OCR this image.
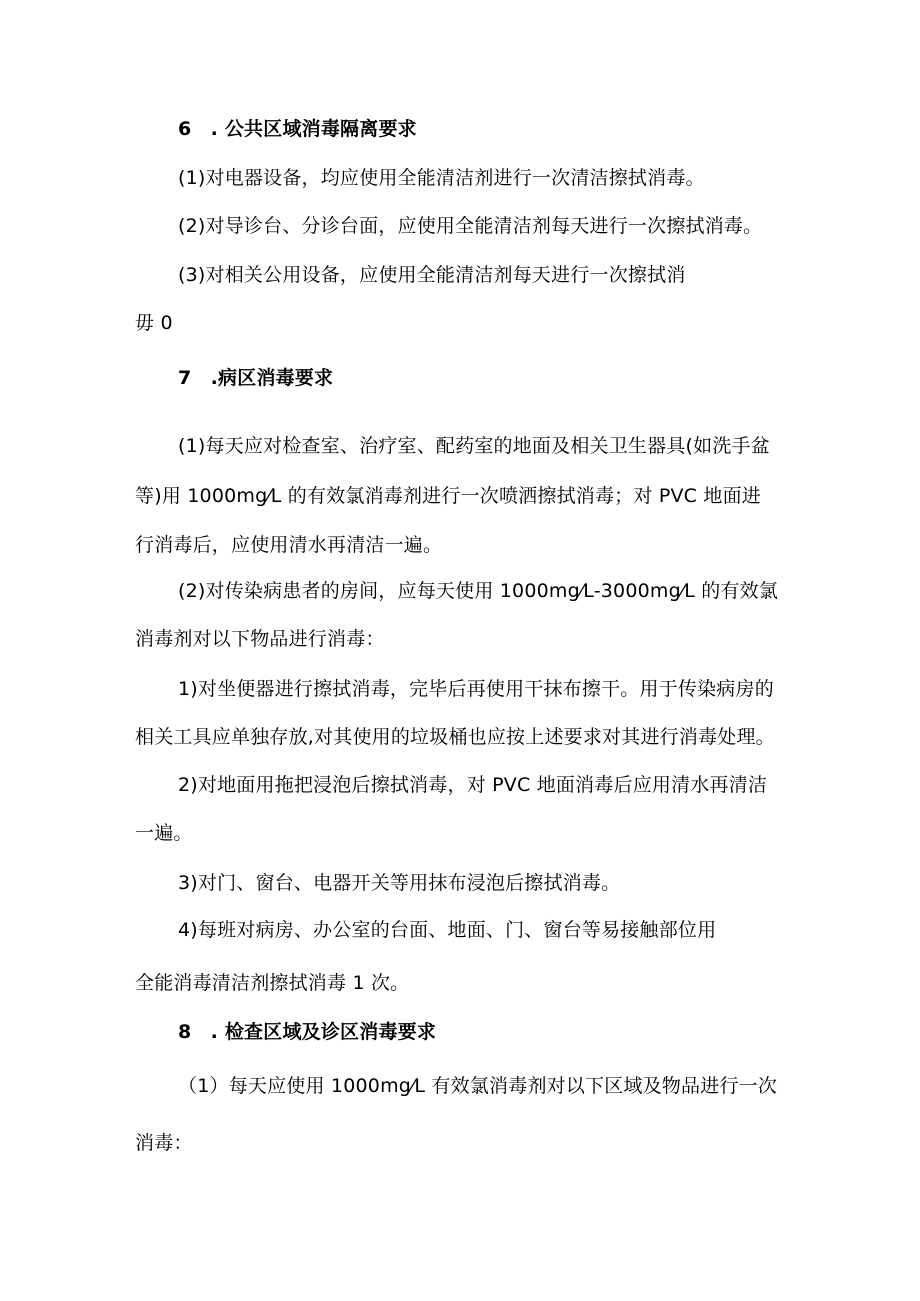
6　. 公共区域消毒隔离要求
(1)对电器设备，均应使用全能清洁剂进行一次清洁擦拭消毒。
(2)对导诊台、分诊台面，应使用全能清洁剂每天进行一次擦拭消毒。
(3)对相关公用设备，应使用全能清洁剂每天进行一次擦拭消
毋 0
7　.病区消毒要求
(1)每天应对检查室、治疗室、配药室的地面及相关卫生器具(如洗手盆
等)用 1000mg⁄L 的有效氯消毒剂进行一次喷洒擦拭消毒；对 PVC 地面进
行消毒后，应使用清水再清洁一遍。
(2)对传染病患者的房间，应每天使用 1000mg⁄L-3000mg⁄L 的有效氯
消毒剂对以下物品进行消毒：
1)对坐便器进行擦拭消毒，完毕后再使用干抹布擦干。用于传染病房的
相关工具应单独存放,对其使用的垃圾桶也应按上述要求对其进行消毒处理。
2)对地面用拖把浸泡后擦拭消毒，对 PVC 地面消毒后应用清水再清洁
一遍。
3)对门、窗台、电器开关等用抹布浸泡后擦拭消毒。
4)每班对病房、办公室的台面、地面、门、窗台等易接触部位用
全能消毒清洁剂擦拭消毒 1 次。
8　. 检查区域及诊区消毒要求
（1）每天应使用 1000mg⁄L 有效氯消毒剂对以下区域及物品进行一次
消毒：
